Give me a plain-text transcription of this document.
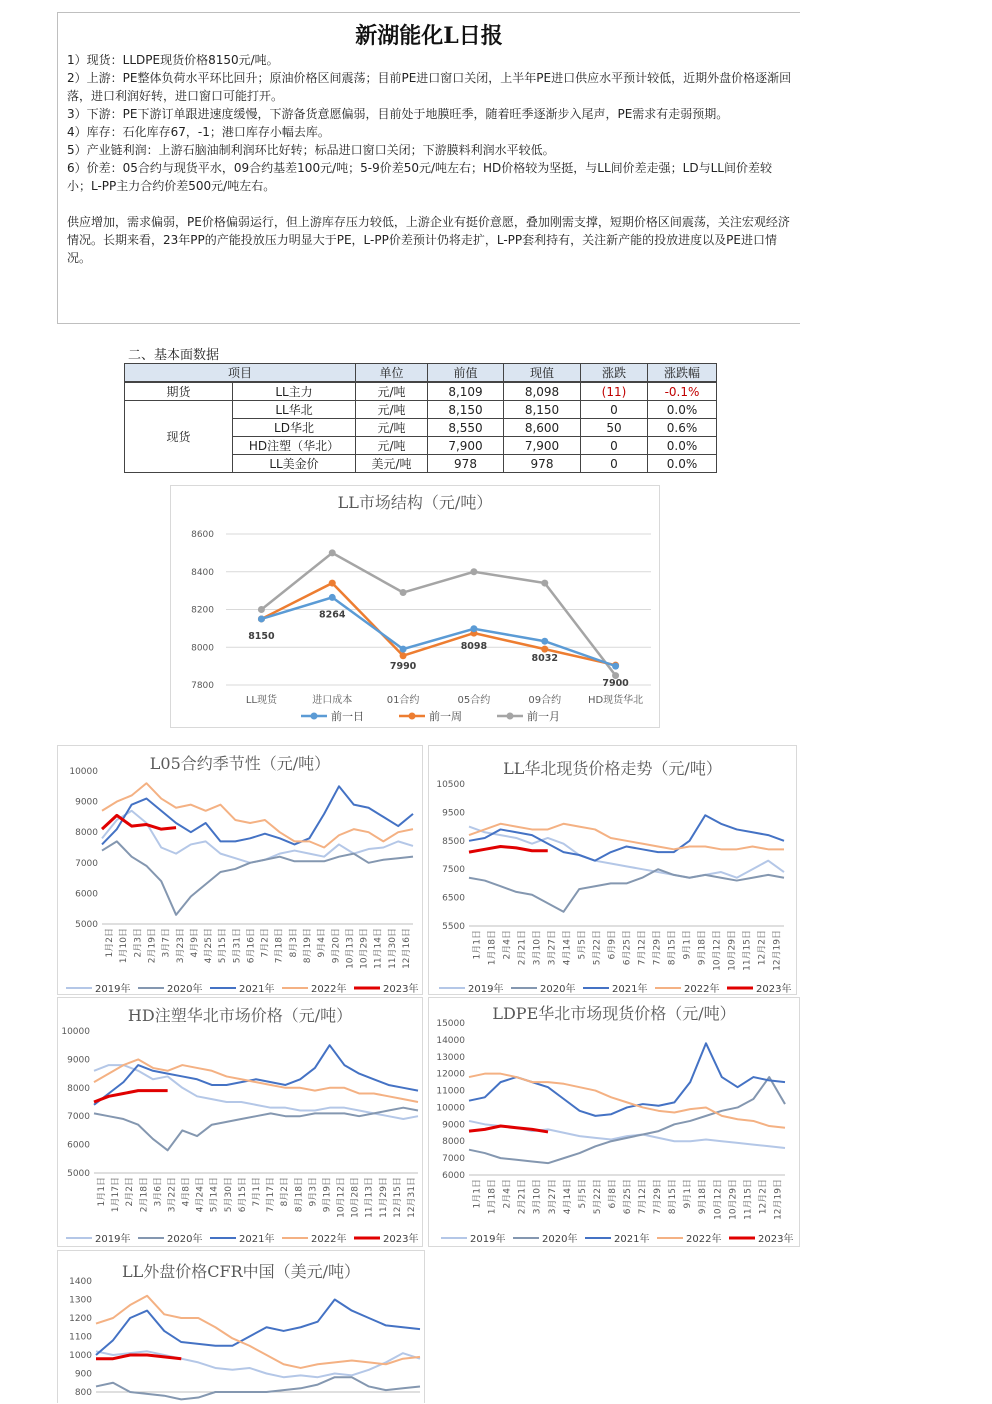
新湖能化L日报

1）现货：LLDPE现货价格8150元/吨。

2）上游：PE整体负荷水平环比回升；原油价格区间震荡；目前PE进口窗口关闭，上半年PE进口供应水平预计较低，近期外盘价格逐渐回落，进口利润好转，进口窗口可能打开。

3）下游：PE下游订单跟进速度缓慢，下游备货意愿偏弱，目前处于地膜旺季，随着旺季逐渐步入尾声，PE需求有走弱预期。

4）库存：石化库存67，-1；港口库存小幅去库。

5）产业链利润：上游石脑油制利润环比好转；标品进口窗口关闭；下游膜料利润水平较低。

6）价差：05合约与现货平水，09合约基差100元/吨；5-9价差50元/吨左右；HD价格较为坚挺，与LL间价差走强；LD与LL间价差较小；L-PP主力合约价差500元/吨左右。

供应增加，需求偏弱，PE价格偏弱运行，但上游库存压力较低，上游企业有挺价意愿，叠加刚需支撑，短期价格区间震荡，关注宏观经济情况。长期来看，23年PP的产能投放压力明显大于PE，L-PP价差预计仍将走扩，L-PP套利持有，关注新产能的投放进度以及PE进口情况。

二、基本面数据
项目		单位	前值	现值	涨跌	涨跌幅
期货	LL主力	元/吨	8,109	8,098	(11)	-0.1%
现货	LL华北	元/吨	8,150	8,150	0	0.0%
	LD华北	元/吨	8,550	8,600	50	0.6%
	HD注塑（华北）	元/吨	7,900	7,900	0	0.0%
	LL美金价	美元/吨	978	978	0	0.0%
LL市场结构（元/吨）
7800
8000
8200
8400
8600
LL现货	进口成本	01合约	05合约	09合约	HD现货华北
8150
8264
7990
8098
8032
7900
前一日	前一周	前一月
L05合约季节性（元/吨）
5000
6000
7000
8000
9000
10000
1月2日 1月10日 2月3日 2月19日 3月7日 3月23日 4月9日 4月25日 5月15日 5月31日 6月16日 7月2日 7月18日 8月3日 8月19日 9月4日 9月20日 10月13日 10月29日 11月14日 11月30日 12月16日
2019年	2020年	2021年	2022年	2023年
LL华北现货价格走势（元/吨）
5500
6500
7500
8500
9500
10500
1月1日 1月18日 2月4日 2月21日 3月10日 3月27日 4月14日 5月5日 5月22日 6月9日 6月25日 7月12日 7月29日 8月15日 9月1日 9月18日 10月12日 10月29日 11月15日 12月2日 12月19日
2019年	2020年	2021年	2022年	2023年
HD注塑华北市场价格（元/吨）
5000
6000
7000
8000
9000
10000
1月1日 1月17日 2月2日 2月18日 3月6日 3月22日 4月8日 4月24日 5月14日 5月30日 6月15日 7月1日 7月17日 8月2日 8月18日 9月3日 9月19日 10月12日 10月28日 11月13日 11月29日 12月15日 12月31日
2019年	2020年	2021年	2022年	2023年
LDPE华北市场现货价格（元/吨）
6000
7000
8000
9000
10000
11000
12000
13000
14000
15000
1月1日 1月18日 2月4日 2月21日 3月10日 3月27日 4月14日 5月5日 5月22日 6月8日 6月25日 7月12日 7月29日 8月15日 9月1日 9月18日 10月12日 10月29日 11月15日 12月2日 12月19日
2019年	2020年	2021年	2022年	2023年
LL外盘价格CFR中国（美元/吨）
800
900
1000
1100
1200
1300
1400
